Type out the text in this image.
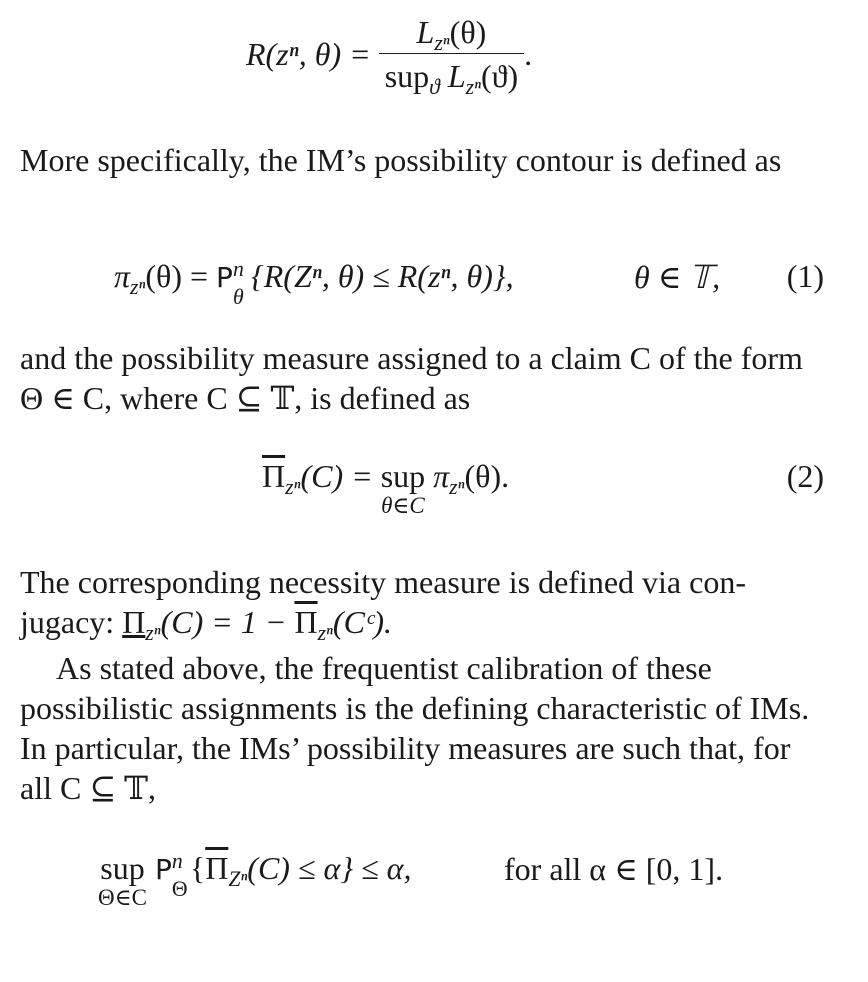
R(zⁿ, $\theta) = \frac{L_{z^n}(\theta)}{sup_ϑ L_{z^n}(ϑ)}$ .

More specifically, the IM’s possibility contour is defined as

$\pi_{z^n}(\theta) = P$ n
θ
{R(Zⁿ, θ) ≤ R(zⁿ, θ)},	θ ∈ 𝕋, (1)

and the possibility measure assigned to a claim C of the form Θ ∈ C, where C ⊆ 𝕋, is defined as

$\overline{\Pi}_{z^n}(C)$ = sup
θ∈C
$\pi_{z^n}(\theta)$.	(2)

The corresponding necessity measure is defined via con- jugacy: $\Pi_{z^n}(C) = 1$ − $\overline{\Pi}_{z^n}(Cᶜ)$.

As stated above, the frequentist calibration of these possibilistic assignments is the defining characteristic of IMs. In particular, the IMs’ possibility measures are such that, for all C ⊆ 𝕋,

sup
Θ∈C
P n
Θ
$\{\overline{\Pi}_{Z^n}(C) \le \alpha\} \le \alpha$,	for all α ∈ [0, 1].
